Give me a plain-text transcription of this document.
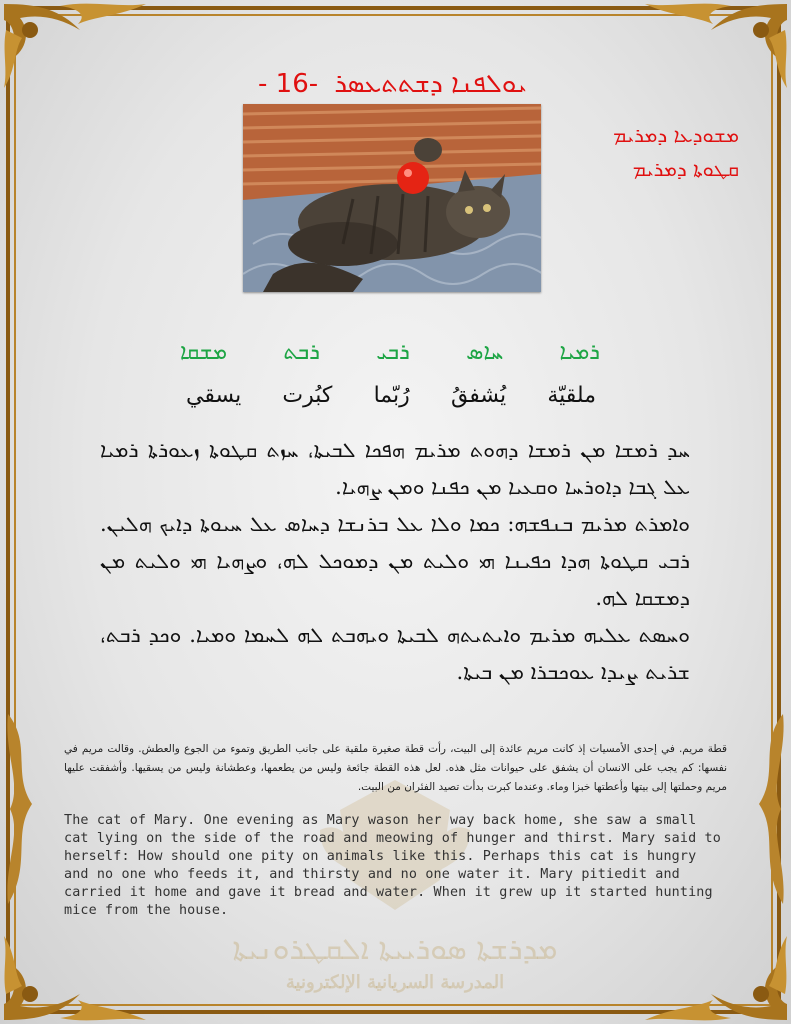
- 16- ܝܘܠܦܢܐ ܕܫܬܬܥܣܪ
ܡܫܘܕܥܐ ܕܡܪܝܡ
ܩܛܘܬܐ ܕܡܪܝܡ
ܪܡܝܐ
ܚܐܣ
ܪܒܝ
ܪܒܬ
ܡܫܩܐ
ملقيّة
يُشفقُ
رُبّما
كبُرت
يسقي

ܚܕ ܪܡܫܐ ܡܢ ܪܡܫܐ ܕܗܘܬ ܡܪܝܡ ܗܦܟܐ ܠܒܝܬܐ، ܚܙܬ ܩܛܘܬܐ ܙܥܘܪܬܐ ܪܡܝܐ ܥܠ ܓܒܐ ܕܐܘܪܚܐ ܘܩܥܝܐ ܡܢ ܟܦܢܐ ܘܡܢ ܨܗܝܐ.

ܘܐܡܪܬ ܡܪܝܡ ܒܢܦܫܗ: ܟܡܐ ܘܠܐ ܥܠ ܒܪܢܫܐ ܕܚܐܣ ܥܠ ܚܝܘܬܐ ܕܐܝܟ ܗܠܝܢ. ܪܒܝ ܩܛܘܬܐ ܗܕܐ ܟܦܝܢܐ ܗܝ ܘܠܝܬ ܡܢ ܕܡܘܟܠ ܠܗ، ܘܨܗܝܐ ܗܝ ܘܠܝܬ ܡܢ ܕܡܫܩܐ ܠܗ.

ܘܚܣܬ ܥܠܝܗ ܡܪܝܡ ܘܐܝܬܝܬܗ ܠܒܝܬܐ ܘܝܗܒܬ ܠܗ ܠܚܡܐ ܘܡܝܐ. ܘܟܕ ܪܒܬ، ܫܪܝܬ ܨܝܕܐ ܥܘܟܒܪܐ ܡܢ ܒܝܬܐ.

قطة مريم. في إحدى الأمسيات إذ كانت مريم عائدة إلى البيت، رأت قطة صغيرة ملقية على جانب الطريق وتموء من الجوع والعطش. وقالت مريم في نفسها: كم يجب على الانسان أن يشفق على حيوانات مثل هذه. لعل هذه القطة جائعة وليس من يطعمها، وعطشانة وليس من يسقيها. وأشفقت عليها مريم وحملتها إلى بيتها وأعطتها خبزا وماء. وعندما كبرت بدأت تصيد الفئران من البيت.
The cat of Mary. One evening as Mary wason her way back home, she saw a small cat lying on the side of the road and meowing of hunger and thirst. Mary said to herself: How should one pity on animals like this. Perhaps this cat is hungry and no one who feeds it, and thirsty and no one water it. Mary pitiedit and carried it home and gave it bread and water. When it grew up it started hunting mice from the house.
ܡܕܪܫܬܐ ܣܘܪܝܝܬܐ ܐܠܩܛܪܘܢܝܬܐ
المدرسة السريانية الإلكترونية
